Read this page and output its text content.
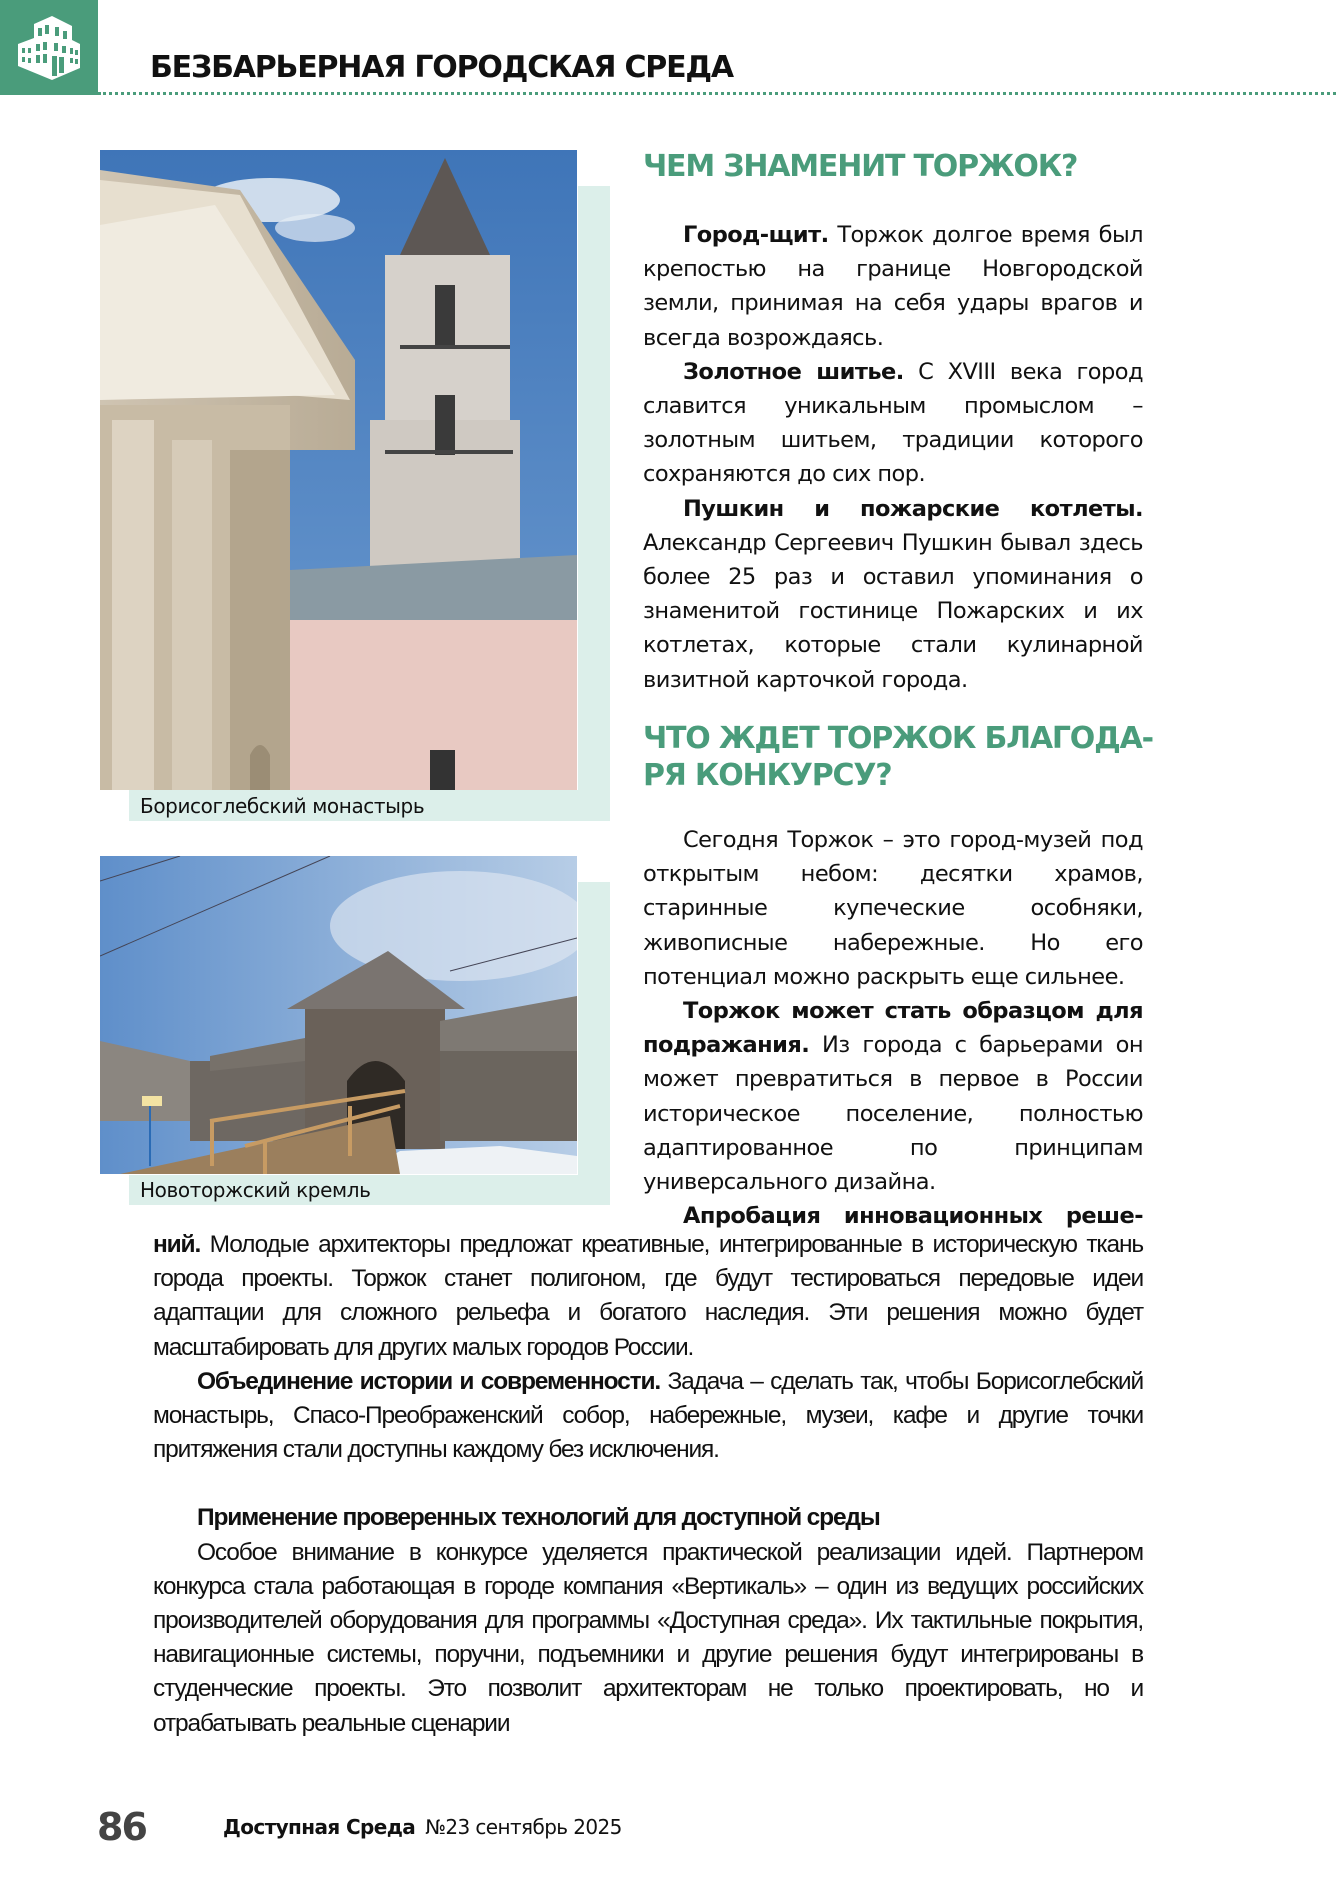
БЕЗБАРЬЕРНАЯ ГОРОДСКАЯ СРЕДА
Борисоглебский монастырь
Новоторжский кремль
ЧЕМ ЗНАМЕНИТ ТОРЖОК?

Город-щит. Торжок долгое время был крепостью на границе Новгородской земли, принимая на себя удары врагов и всегда возрождаясь.

Золотное шитье. С XVIII века город славится уникальным промыслом – золотным шитьем, традиции которого сохраняются до сих пор.

Пушкин и пожарские котлеты. Александр Сергеевич Пушкин бывал здесь более 25 раз и оставил упоминания о знаменитой гостинице Пожарских и их котлетах, которые стали кулинарной визитной карточкой города.

ЧТО ЖДЕТ ТОРЖОК БЛАГОДА-
РЯ КОНКУРСУ?

Сегодня Торжок – это город-музей под открытым небом: десятки храмов, старинные купеческие особняки, живописные набережные. Но его потенциал можно раскрыть еще сильнее.

Торжок может стать образцом для подражания. Из города с барьерами он может превратиться в первое в России историческое поселение, полностью адаптированное по принципам универсального дизайна.

Апробация инновационных реше-

ний. Молодые архитекторы предложат креативные, интегрированные в историческую ткань города проекты. Торжок станет полигоном, где будут тестироваться передовые идеи адаптации для сложного рельефа и богатого наследия. Эти решения можно будет масштабировать для других малых городов России.

Объединение истории и современности. Задача – сделать так, чтобы Борисоглебский монастырь, Спасо-Преображенский собор, набережные, музеи, кафе и другие точки притяжения стали доступны каждому без исключения.

Применение проверенных технологий для доступной среды

Особое внимание в конкурсе уделяется практической реализации идей. Партнером конкурса стала работающая в городе компания «Вертикаль» – один из ведущих российских производителей оборудования для программы «Доступная среда». Их тактильные покрытия, навигационные системы, поручни, подъемники и другие решения будут интегрированы в студенческие проекты. Это позволит архитекторам не только проектировать, но и отрабатывать реальные сценарии

86	Доступная Среда №23 сентябрь 2025
